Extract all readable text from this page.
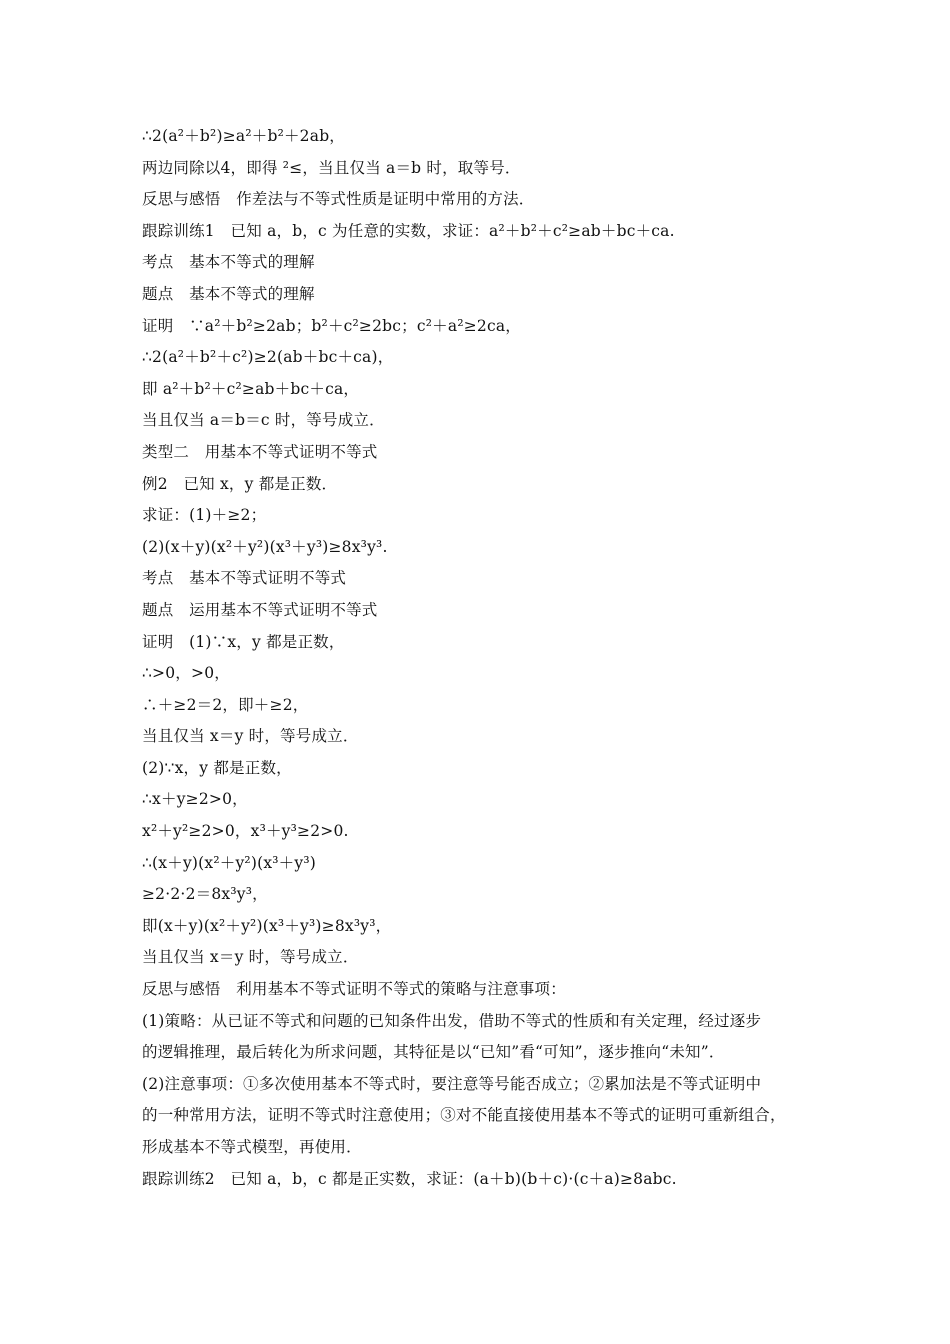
∴2(a²＋b²)≥a²＋b²＋2ab，
两边同除以4，即得 ²≤，当且仅当 a＝b 时，取等号．
反思与感悟　作差法与不等式性质是证明中常用的方法．
跟踪训练1　已知 a，b，c 为任意的实数，求证：a²＋b²＋c²≥ab＋bc＋ca.
考点　基本不等式的理解
题点　基本不等式的理解
证明　∵a²＋b²≥2ab；b²＋c²≥2bc；c²＋a²≥2ca，
∴2(a²＋b²＋c²)≥2(ab＋bc＋ca)，
即 a²＋b²＋c²≥ab＋bc＋ca，
当且仅当 a＝b＝c 时，等号成立．
类型二　用基本不等式证明不等式
例2　已知 x，y 都是正数．
求证：(1)＋≥2；
(2)(x＋y)(x²＋y²)(x³＋y³)≥8x³y³.
考点　基本不等式证明不等式
题点　运用基本不等式证明不等式
证明　(1)∵x，y 都是正数，
∴>0，>0，
∴＋≥2＝2，即＋≥2，
当且仅当 x＝y 时，等号成立．
(2)∵x，y 都是正数，
∴x＋y≥2>0，
x²＋y²≥2>0，x³＋y³≥2>0.
∴(x＋y)(x²＋y²)(x³＋y³)
≥2·2·2＝8x³y³，
即(x＋y)(x²＋y²)(x³＋y³)≥8x³y³，
当且仅当 x＝y 时，等号成立．
反思与感悟　利用基本不等式证明不等式的策略与注意事项：
(1)策略：从已证不等式和问题的已知条件出发，借助不等式的性质和有关定理，经过逐步
的逻辑推理，最后转化为所求问题，其特征是以“已知”看“可知”，逐步推向“未知”．
(2)注意事项：①多次使用基本不等式时，要注意等号能否成立；②累加法是不等式证明中
的一种常用方法，证明不等式时注意使用；③对不能直接使用基本不等式的证明可重新组合，
形成基本不等式模型，再使用．
跟踪训练2　已知 a，b，c 都是正实数，求证：(a＋b)(b＋c)·(c＋a)≥8abc.
